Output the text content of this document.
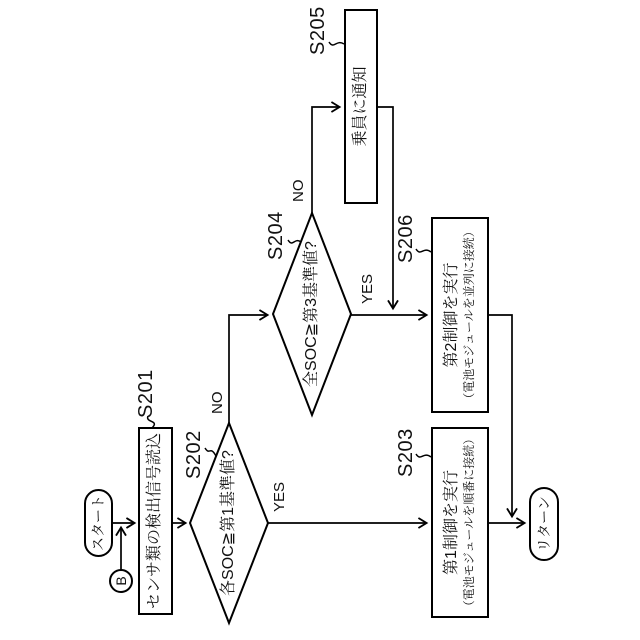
スタート
B センサ類の検出信号読込	各SOC≧第1基準値?
全SOC≧第3基準値?
乗員に通知
第2制御を実行 （電池モジュールを並列に接続）
第1制御を実行 （電池モジュールを順番に接続）	リターン
S201
S202	S203
S204
S205
S206
YES
NO
YES
NO
